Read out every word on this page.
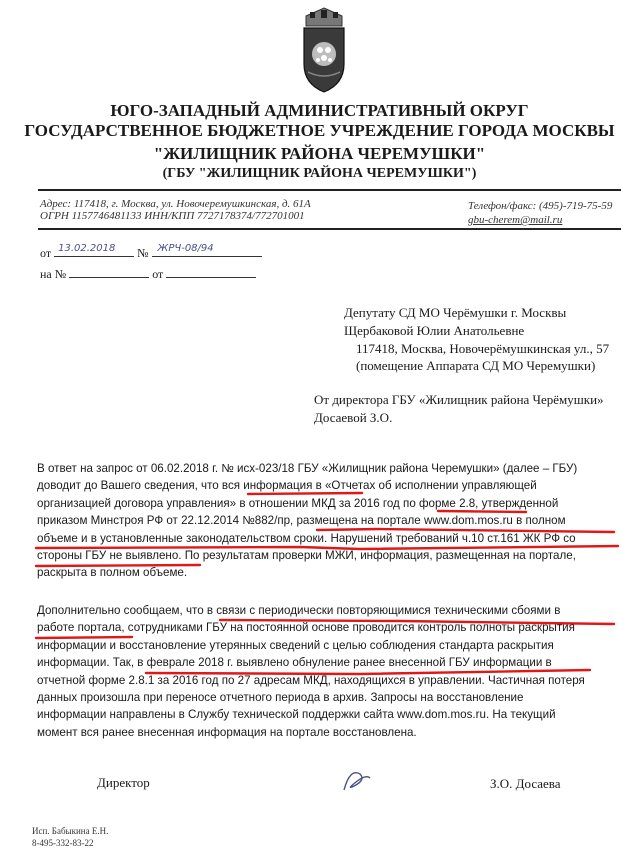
ЮГО-ЗАПАДНЫЙ АДМИНИСТРАТИВНЫЙ ОКРУГ
ГОСУДАРСТВЕННОЕ БЮДЖЕТНОЕ УЧРЕЖДЕНИЕ ГОРОДА МОСКВЫ
"ЖИЛИЩНИК РАЙОНА ЧЕРЕМУШКИ"
(ГБУ "ЖИЛИЩНИК РАЙОНА ЧЕРЕМУШКИ")
Адрес: 117418, г. Москва, ул. Новочеремушкинская, д. 61А
ОГРН 1157746481133 ИНН/КПП 7727178374/772701001
Телефон/факс: (495)-719-75-59
gbu-cherem@mail.ru
от 13.02.2018 № ЖРЧ-08/94
на №	от
Депутату СД МО Черёмушки г. Москвы
Щербаковой Юлии Анатольевне
117418, Москва, Новочерёмушкинская ул., 57
(помещение Аппарата СД МО Черемушки)
От директора ГБУ «Жилищник района Черёмушки»
Досаевой З.О.
В ответ на запрос от 06.02.2018 г. № исх-023/18 ГБУ «Жилищник района Черемушки» (далее – ГБУ)
доводит до Вашего сведения, что вся информация в «Отчетах об исполнении управляющей
организацией договора управления» в отношении МКД за 2016 год по форме 2.8, утвержденной
приказом Минстроя РФ от 22.12.2014 №882/пр, размещена на портале www.dom.mos.ru в полном
объеме и в установленные законодательством сроки. Нарушений требований ч.10 ст.161 ЖК РФ со
стороны ГБУ не выявлено. По результатам проверки МЖИ, информация, размещенная на портале,
раскрыта в полном объеме.
Дополнительно сообщаем, что в связи с периодически повторяющимися техническими сбоями в
работе портала, сотрудниками ГБУ на постоянной основе проводится контроль полноты раскрытия
информации и восстановление утерянных сведений с целью соблюдения стандарта раскрытия
информации. Так, в феврале 2018 г. выявлено обнуление ранее внесенной ГБУ информации в
отчетной форме 2.8.1 за 2016 год по 27 адресам МКД, находящихся в управлении. Частичная потеря
данных произошла при переносе отчетного периода в архив. Запросы на восстановление
информации направлены в Службу технической поддержки сайта www.dom.mos.ru. На текущий
момент вся ранее внесенная информация на портале восстановлена.
Директор	З.О. Досаева
Исп. Бабыкина Е.Н.
8-495-332-83-22
